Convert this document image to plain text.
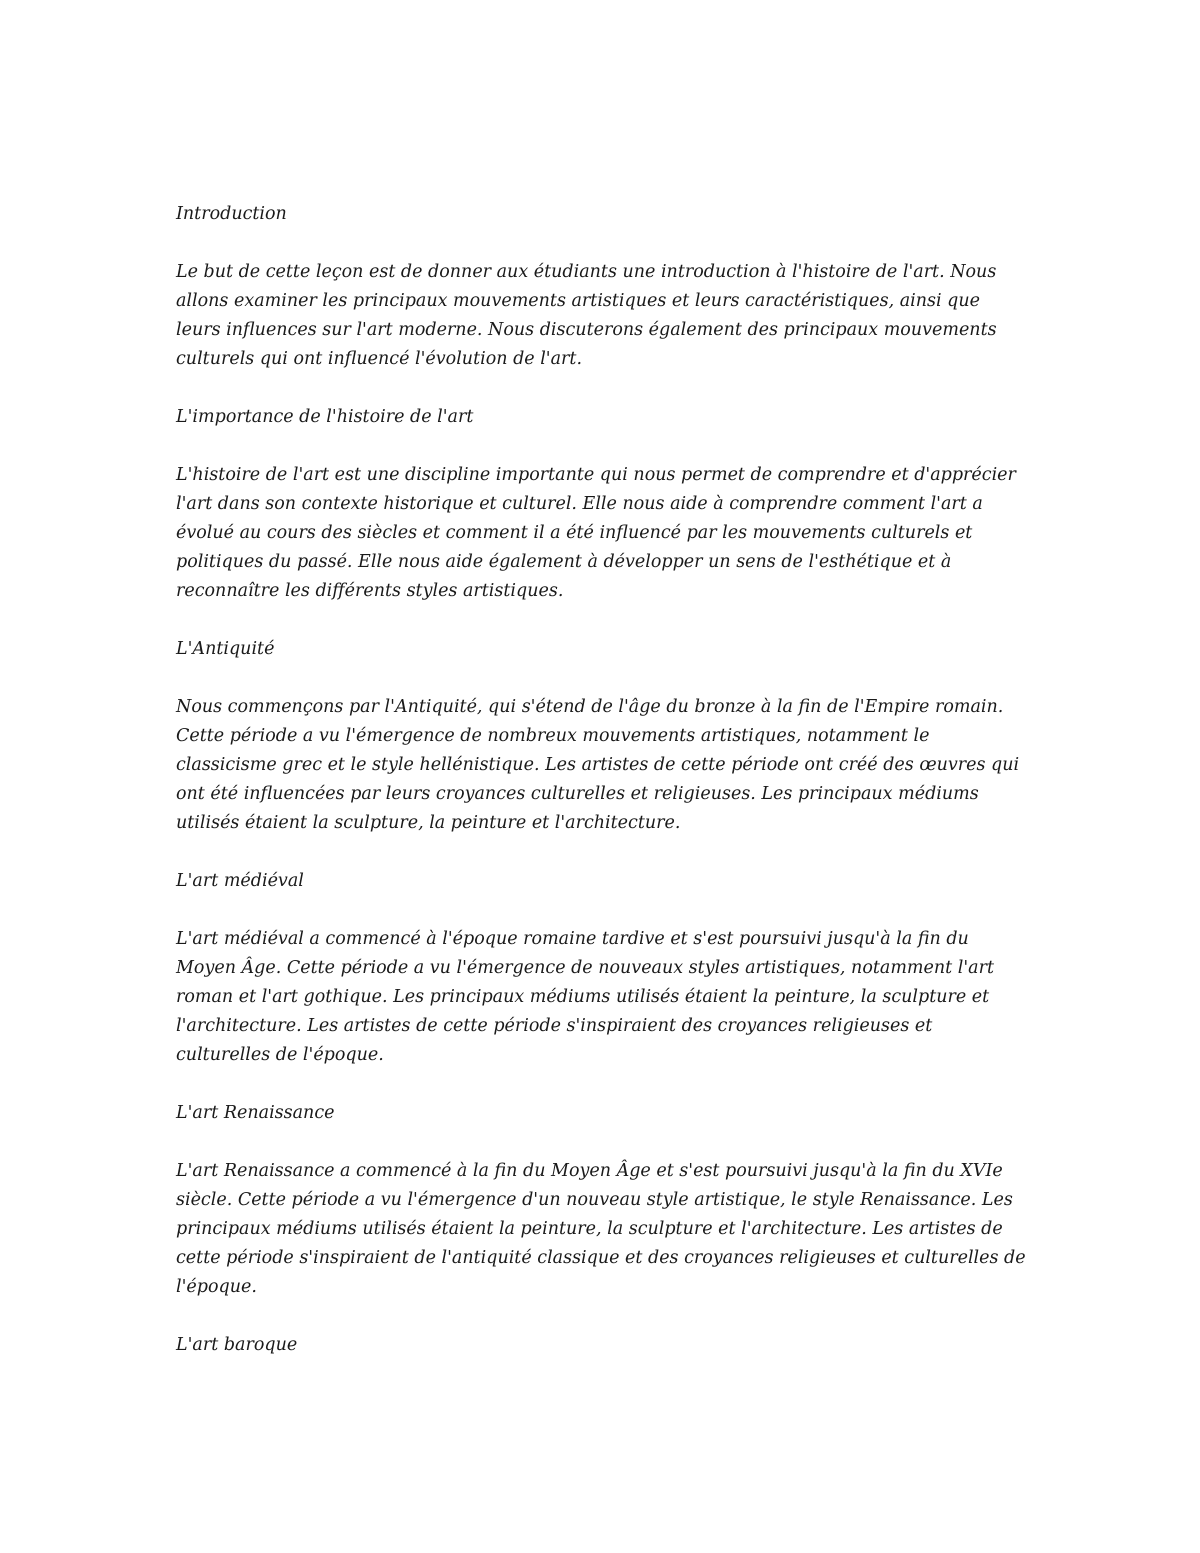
Introduction

Le but de cette leçon est de donner aux étudiants une introduction à l'histoire de l'art. Nous allons examiner les principaux mouvements artistiques et leurs caractéristiques, ainsi que leurs influences sur l'art moderne. Nous discuterons également des principaux mouvements culturels qui ont influencé l'évolution de l'art.

L'importance de l'histoire de l'art

L'histoire de l'art est une discipline importante qui nous permet de comprendre et d'apprécier l'art dans son contexte historique et culturel. Elle nous aide à comprendre comment l'art a évolué au cours des siècles et comment il a été influencé par les mouvements culturels et politiques du passé. Elle nous aide également à développer un sens de l'esthétique et à reconnaître les différents styles artistiques.

L'Antiquité

Nous commençons par l'Antiquité, qui s'étend de l'âge du bronze à la fin de l'Empire romain. Cette période a vu l'émergence de nombreux mouvements artistiques, notamment le classicisme grec et le style hellénistique. Les artistes de cette période ont créé des œuvres qui ont été influencées par leurs croyances culturelles et religieuses. Les principaux médiums utilisés étaient la sculpture, la peinture et l'architecture.

L'art médiéval

L'art médiéval a commencé à l'époque romaine tardive et s'est poursuivi jusqu'à la fin du Moyen Âge. Cette période a vu l'émergence de nouveaux styles artistiques, notamment l'art roman et l'art gothique. Les principaux médiums utilisés étaient la peinture, la sculpture et l'architecture. Les artistes de cette période s'inspiraient des croyances religieuses et culturelles de l'époque.

L'art Renaissance

L'art Renaissance a commencé à la fin du Moyen Âge et s'est poursuivi jusqu'à la fin du XVIe siècle. Cette période a vu l'émergence d'un nouveau style artistique, le style Renaissance. Les principaux médiums utilisés étaient la peinture, la sculpture et l'architecture. Les artistes de cette période s'inspiraient de l'antiquité classique et des croyances religieuses et culturelles de l'époque.

L'art baroque
